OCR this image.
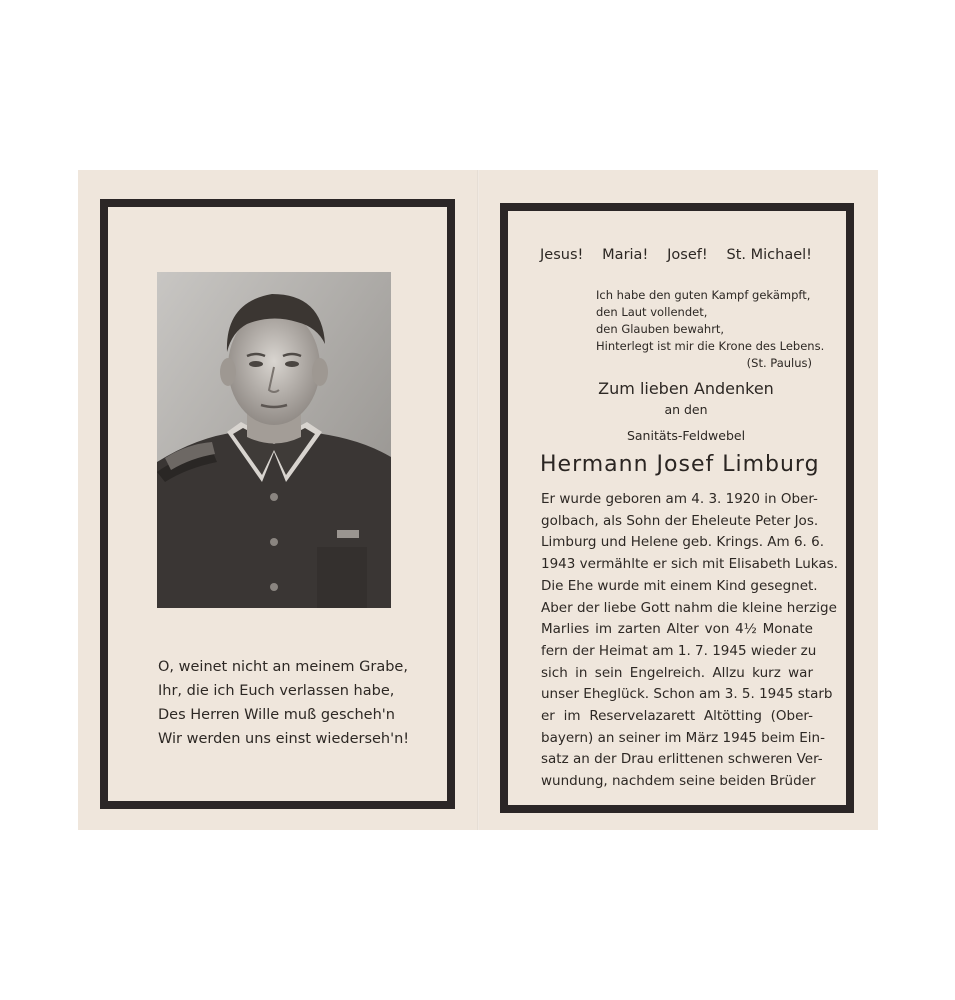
O, weinet nicht an meinem Grabe,
Ihr, die ich Euch verlassen habe,
Des Herren Wille muß gescheh'n
Wir werden uns einst wiederseh'n!
Jesus! Maria! Josef! St. Michael!
Ich habe den guten Kampf gekämpft,
den Laut vollendet,
den Glauben bewahrt,
Hinterlegt ist mir die Krone des Lebens.
(St. Paulus)
Zum lieben Andenken
an den
Sanitäts-Feldwebel
Hermann Josef Limburg
Er wurde geboren am 4. 3. 1920 in Ober-
golbach, als Sohn der Eheleute Peter Jos.
Limburg und Helene geb. Krings. Am 6. 6.
1943 vermählte er sich mit Elisabeth Lukas.
Die Ehe wurde mit einem Kind gesegnet.
Aber der liebe Gott nahm die kleine herzige
Marlies im zarten Alter von 4½ Monate
fern der Heimat am 1. 7. 1945 wieder zu
sich in sein Engelreich. Allzu kurz war
unser Eheglück. Schon am 3. 5. 1945 starb
er im Reservelazarett Altötting (Ober-
bayern) an seiner im März 1945 beim Ein-
satz an der Drau erlittenen schweren Ver-
wundung, nachdem seine beiden Brüder
